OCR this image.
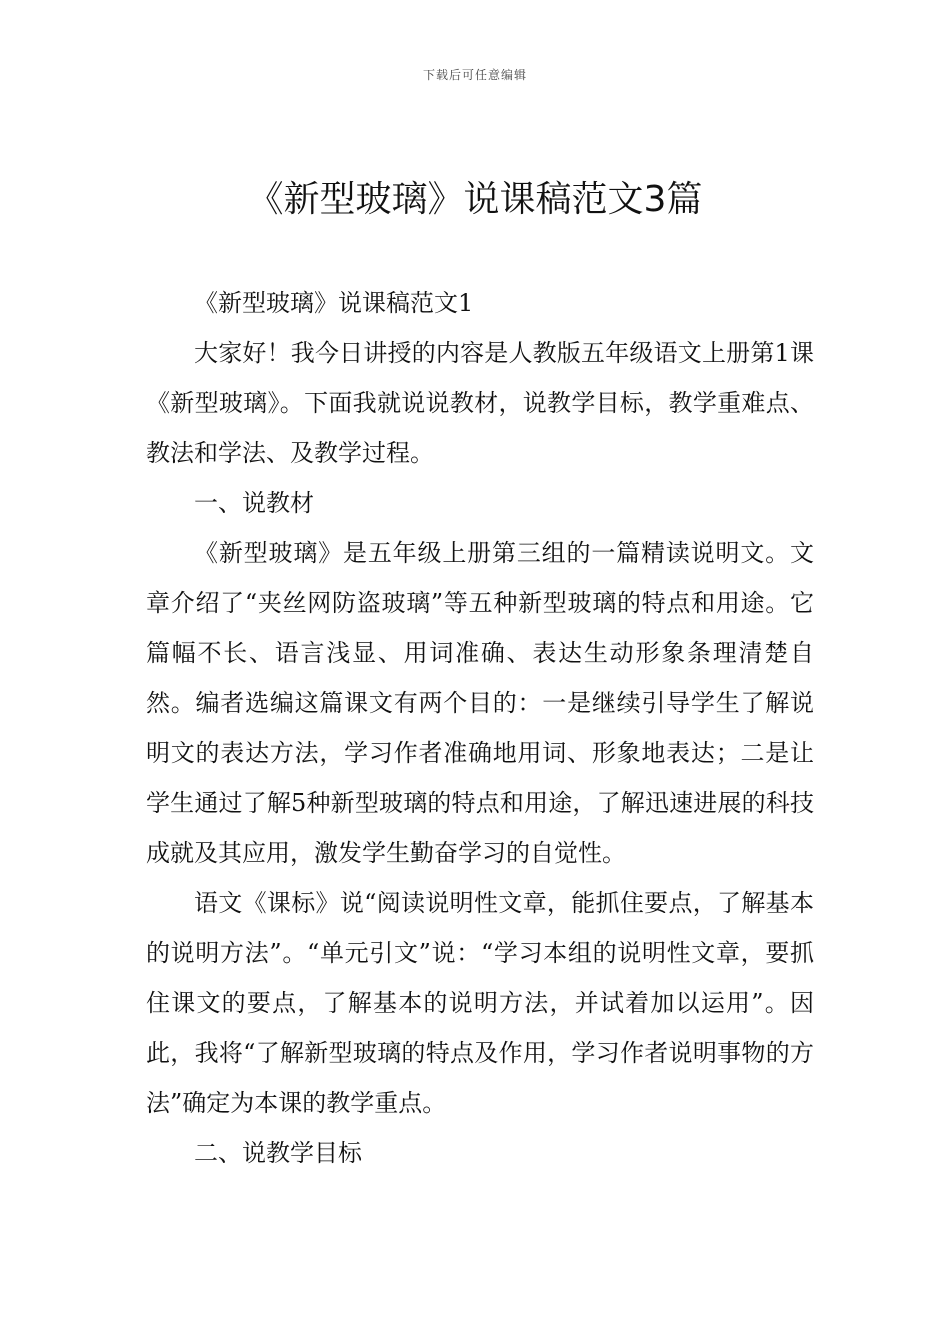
下载后可任意编辑
《新型玻璃》说课稿范文3篇

《新型玻璃》说课稿范文1

大家好！我今日讲授的内容是人教版五年级语文上册第1课《新型玻璃》。下面我就说说教材，说教学目标，教学重难点、教法和学法、及教学过程。

一、说教材

《新型玻璃》是五年级上册第三组的一篇精读说明文。文章介绍了“夹丝网防盗玻璃”等五种新型玻璃的特点和用途。它篇幅不长、语言浅显、用词准确、表达生动形象条理清楚自然。编者选编这篇课文有两个目的：一是继续引导学生了解说明文的表达方法，学习作者准确地用词、形象地表达；二是让学生通过了解5种新型玻璃的特点和用途，了解迅速进展的科技成就及其应用，激发学生勤奋学习的自觉性。

语文《课标》说“阅读说明性文章，能抓住要点，了解基本的说明方法”。“单元引文”说：“学习本组的说明性文章，要抓住课文的要点，了解基本的说明方法，并试着加以运用”。因此，我将“了解新型玻璃的特点及作用，学习作者说明事物的方法”确定为本课的教学重点。

二、说教学目标
